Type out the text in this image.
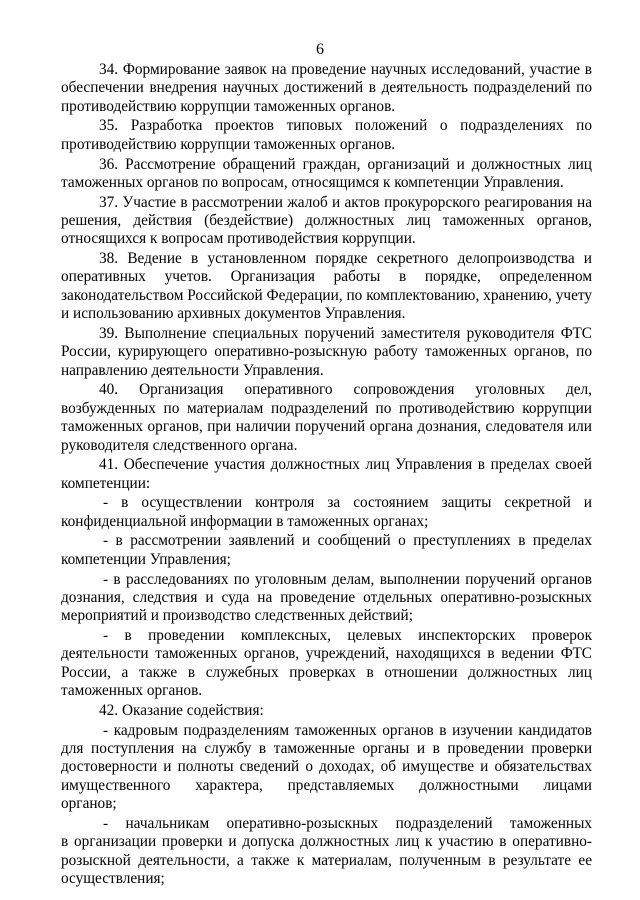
6
34. Формирование заявок на проведение научных исследований, участие в
обеспечении внедрения научных достижений в деятельность подразделений по
противодействию коррупции таможенных органов.
35. Разработка проектов типовых положений о подразделениях по
противодействию коррупции таможенных органов.
36. Рассмотрение обращений граждан, организаций и должностных лиц
таможенных органов по вопросам, относящимся к компетенции Управления.
37. Участие в рассмотрении жалоб и актов прокурорского реагирования на
решения, действия (бездействие) должностных лиц таможенных органов,
относящихся к вопросам противодействия коррупции.
38. Ведение в установленном порядке секретного делопроизводства и
оперативных учетов. Организация работы в порядке, определенном
законодательством Российской Федерации, по комплектованию, хранению, учету
и использованию архивных документов Управления.
39. Выполнение специальных поручений заместителя руководителя ФТС
России, курирующего оперативно-розыскную работу таможенных органов, по
направлению деятельности Управления.
40. Организация оперативного сопровождения уголовных дел,
возбужденных по материалам подразделений по противодействию коррупции
таможенных органов, при наличии поручений органа дознания, следователя или
руководителя следственного органа.
41. Обеспечение участия должностных лиц Управления в пределах своей
компетенции:
- в осуществлении контроля за состоянием защиты секретной и
конфиденциальной информации в таможенных органах;
- в рассмотрении заявлений и сообщений о преступлениях в пределах
компетенции Управления;
- в расследованиях по уголовным делам, выполнении поручений органов
дознания, следствия и суда на проведение отдельных оперативно-розыскных
мероприятий и производство следственных действий;
- в проведении комплексных, целевых инспекторских проверок
деятельности таможенных органов, учреждений, находящихся в ведении ФТС
России, а также в служебных проверках в отношении должностных лиц
таможенных органов.
42. Оказание содействия:
- кадровым подразделениям таможенных органов в изучении кандидатов
для поступления на службу в таможенные органы и в проведении проверки
достоверности и полноты сведений о доходах, об имуществе и обязательствах
имущественного характера, представляемых должностными лицами
органов;
- начальникам оперативно-розыскных подразделений таможенных
в организации проверки и допуска должностных лиц к участию в оперативно-
розыскной деятельности, а также к материалам, полученным в результате ее
осуществления;
